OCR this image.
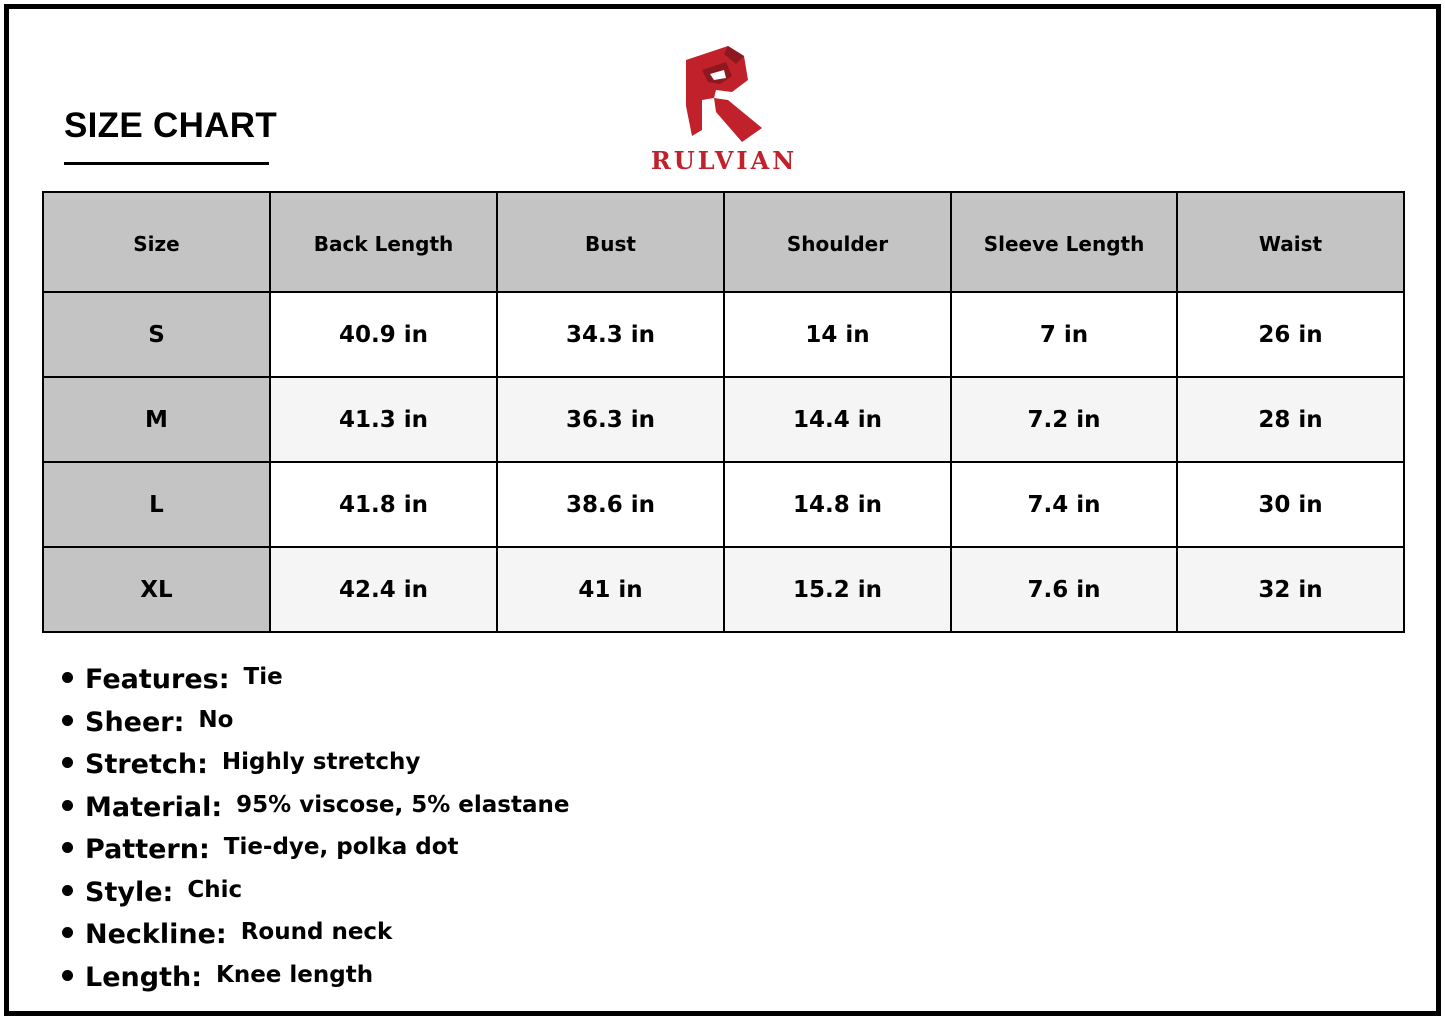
SIZE CHART
RULVIAN
Size	Back Length	Bust	Shoulder	Sleeve Length	Waist
S	40.9 in	34.3 in	14 in	7 in	26 in
M	41.3 in	36.3 in	14.4 in	7.2 in	28 in
L	41.8 in	38.6 in	14.8 in	7.4 in	30 in
XL	42.4 in	41 in	15.2 in	7.6 in	32 in
Features: Tie
Sheer: No
Stretch: Highly stretchy
Material: 95% viscose, 5% elastane
Pattern: Tie-dye, polka dot
Style: Chic
Neckline: Round neck
Length: Knee length
